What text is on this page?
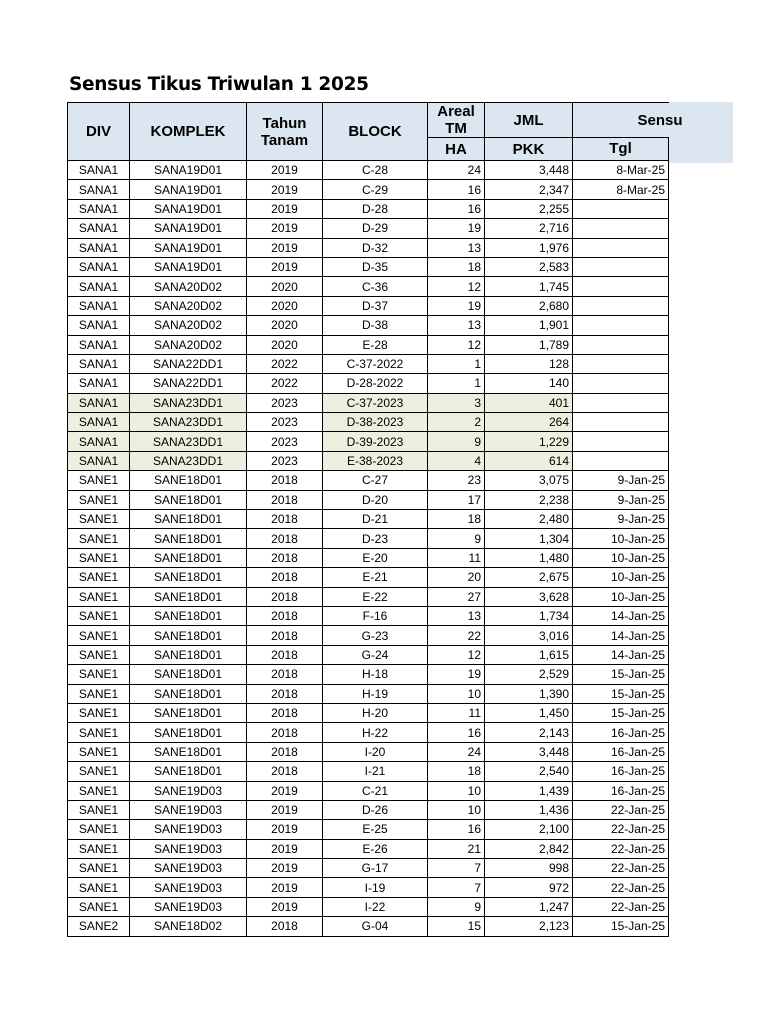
Sensus Tikus Triwulan 1 2025
DIV	KOMPLEK	Tahun Tanam	BLOCK	Areal TM	JML	Sensu
				HA	PKK	Tgl
SANA1	SANA19D01	2019	C-28	24	3,448	8-Mar-25
SANA1	SANA19D01	2019	C-29	16	2,347	8-Mar-25
SANA1	SANA19D01	2019	D-28	16	2,255	
SANA1	SANA19D01	2019	D-29	19	2,716	
SANA1	SANA19D01	2019	D-32	13	1,976	
SANA1	SANA19D01	2019	D-35	18	2,583	
SANA1	SANA20D02	2020	C-36	12	1,745	
SANA1	SANA20D02	2020	D-37	19	2,680	
SANA1	SANA20D02	2020	D-38	13	1,901	
SANA1	SANA20D02	2020	E-28	12	1,789	
SANA1	SANA22DD1	2022	C-37-2022	1	128	
SANA1	SANA22DD1	2022	D-28-2022	1	140	
SANA1	SANA23DD1	2023	C-37-2023	3	401	
SANA1	SANA23DD1	2023	D-38-2023	2	264	
SANA1	SANA23DD1	2023	D-39-2023	9	1,229	
SANA1	SANA23DD1	2023	E-38-2023	4	614	
SANE1	SANE18D01	2018	C-27	23	3,075	9-Jan-25
SANE1	SANE18D01	2018	D-20	17	2,238	9-Jan-25
SANE1	SANE18D01	2018	D-21	18	2,480	9-Jan-25
SANE1	SANE18D01	2018	D-23	9	1,304	10-Jan-25
SANE1	SANE18D01	2018	E-20	11	1,480	10-Jan-25
SANE1	SANE18D01	2018	E-21	20	2,675	10-Jan-25
SANE1	SANE18D01	2018	E-22	27	3,628	10-Jan-25
SANE1	SANE18D01	2018	F-16	13	1,734	14-Jan-25
SANE1	SANE18D01	2018	G-23	22	3,016	14-Jan-25
SANE1	SANE18D01	2018	G-24	12	1,615	14-Jan-25
SANE1	SANE18D01	2018	H-18	19	2,529	15-Jan-25
SANE1	SANE18D01	2018	H-19	10	1,390	15-Jan-25
SANE1	SANE18D01	2018	H-20	11	1,450	15-Jan-25
SANE1	SANE18D01	2018	H-22	16	2,143	16-Jan-25
SANE1	SANE18D01	2018	I-20	24	3,448	16-Jan-25
SANE1	SANE18D01	2018	I-21	18	2,540	16-Jan-25
SANE1	SANE19D03	2019	C-21	10	1,439	16-Jan-25
SANE1	SANE19D03	2019	D-26	10	1,436	22-Jan-25
SANE1	SANE19D03	2019	E-25	16	2,100	22-Jan-25
SANE1	SANE19D03	2019	E-26	21	2,842	22-Jan-25
SANE1	SANE19D03	2019	G-17	7	998	22-Jan-25
SANE1	SANE19D03	2019	I-19	7	972	22-Jan-25
SANE1	SANE19D03	2019	I-22	9	1,247	22-Jan-25
SANE2	SANE18D02	2018	G-04	15	2,123	15-Jan-25
